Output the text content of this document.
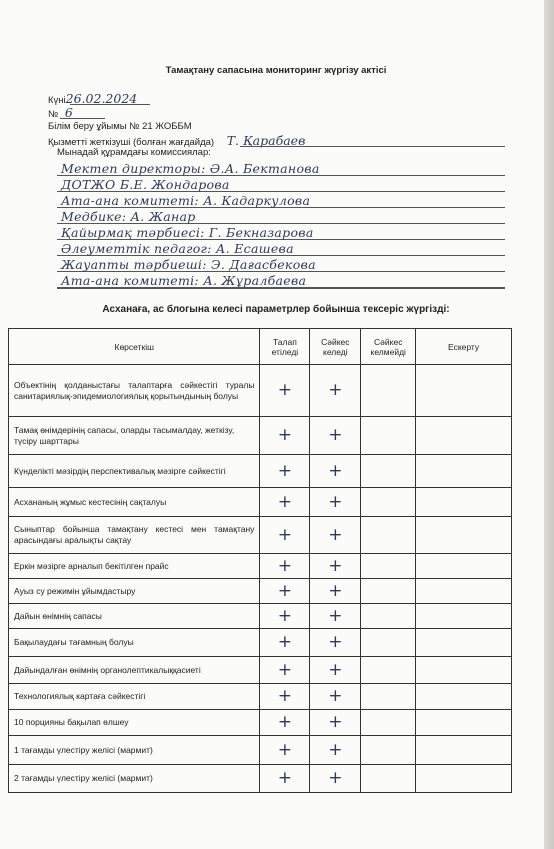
Тамақтану сапасына мониторинг жүргізу актісі
Күні26.02.2024
№ 6
Білім беру ұйымы № 21 ЖОББМ
Қызметті жеткізуші (болған жағдайда) Т. Қарабаев
Мынадай құрамдағы комиссиялар:
Мектеп директоры: Ә.А. Бектанова
ДОТЖО Б.Е. Жондарова
Ата-ана комитеті: А. Кадаркулова
Медбике: А. Жанар
Қайырмақ тәрбиесі: Г. Бекназарова
Әлеуметтік педагог: А. Есашева
Жауапты тәрбиеші: Э. Дағасбекова
Ата-ана комитеті: А. Жұралбаева
Асханаға, ас блогына келесі параметрлер бойынша тексеріс жүргізді:
Көрсеткіш	Талап етіледі	Сәйкес келеді	Сәйкес келмейді	Ескерту
Объектінің қолданыстағы талаптарға сәйкестігі туралы санитариялық-эпидемиологиялық қорытындының болуы	+	+		
Тамақ өнімдерінің сапасы, оларды тасымалдау, жеткізу, түсіру шарттары	+	+		
Күнделікті мәзірдің перспективалық мәзірге сәйкестігі	+	+		
Асхананың жұмыс кестесінің сақталуы	+	+		
Сыныптар бойынша тамақтану кестесі мен тамақтану арасындағы аралықты сақтау	+	+		
Еркін мәзірге арналып бекітілген прайс	+	+		
Ауыз су режимін ұйымдастыру	+	+		
Дайын өнімнің сапасы	+	+		
Бақылаудағы тағамның болуы	+	+		
Дайындалған өнімнің органолептикалыққасиеті	+	+		
Технологиялық картаға сәйкестігі	+	+		
10 порцияны бақылап өлшеу	+	+		
1 тағамды үлестіру желісі (мармит)	+	+		
2 тағамды үлестіру желісі (мармит)	+	+		
